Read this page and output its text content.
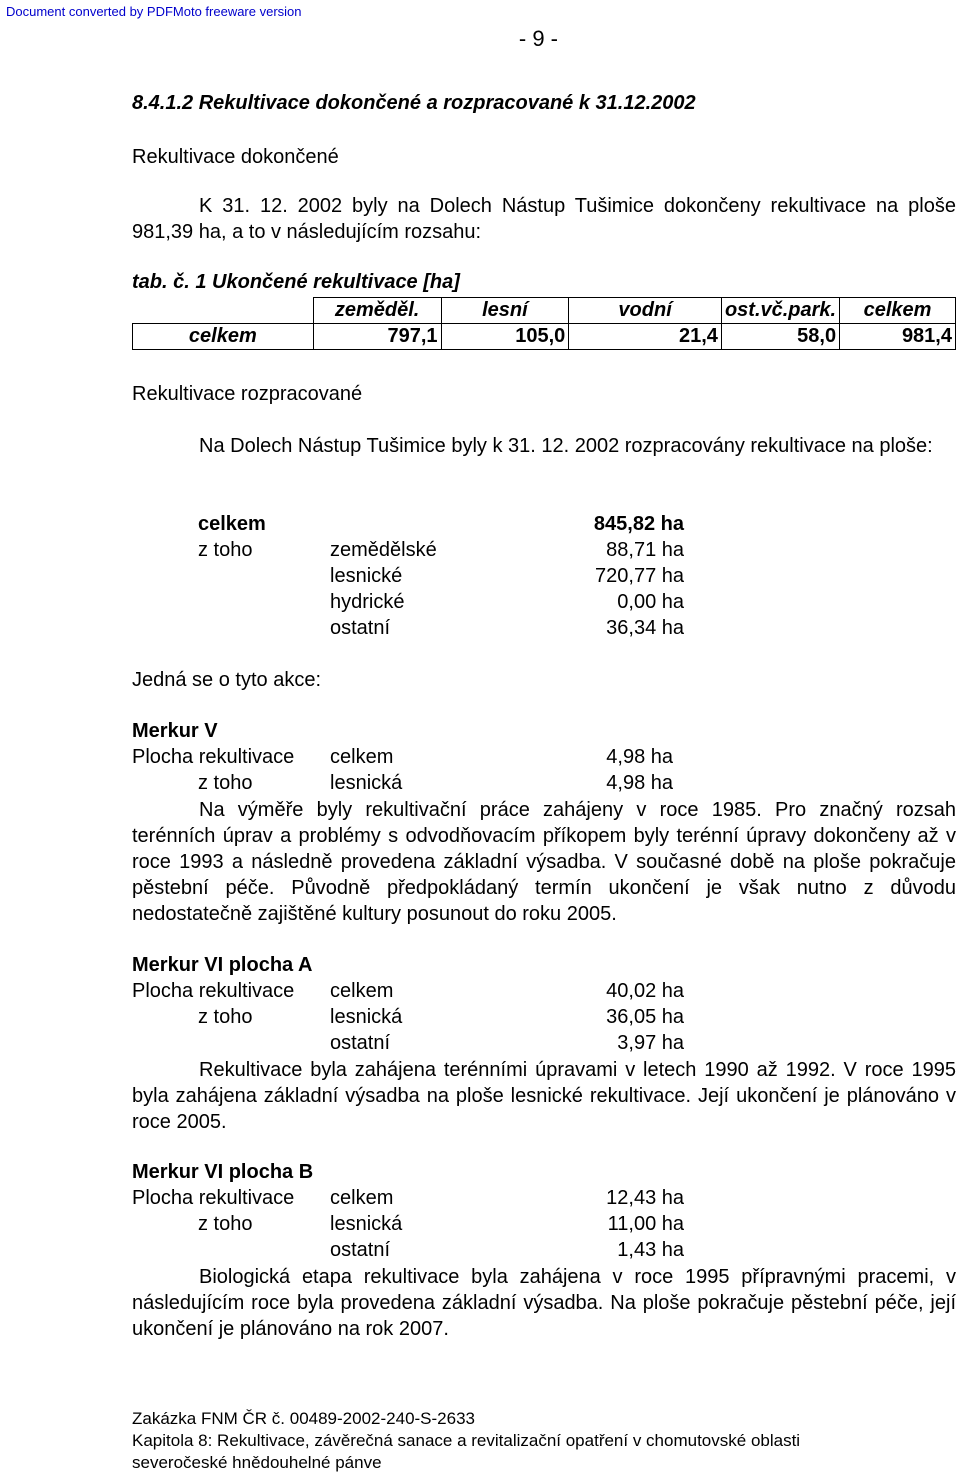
Document converted by PDFMoto freeware version
- 9 -
8.4.1.2 Rekultivace dokončené a rozpracované k 31.12.2002
Rekultivace dokončené
K 31. 12. 2002 byly na Dolech Nástup Tušimice dokončeny rekultivace na ploše 981,39 ha, a to v následujícím rozsahu:
tab. č. 1 Ukončené rekultivace [ha]
	zeměděl.	lesní	vodní	ost.vč.park.	celkem
celkem	797,1	105,0	21,4	58,0	981,4
Rekultivace rozpracované
Na Dolech Nástup Tušimice byly k 31. 12. 2002 rozpracovány rekultivace na ploše:
celkem	845,82 ha
z toho	zemědělské	88,71 ha
lesnické	720,77 ha
hydrické	0,00 ha
ostatní	36,34 ha
Jedná se o tyto akce:
Merkur V
Plocha rekultivace celkem	4,98 ha
z toho	lesnická	4,98 ha
Na výměře byly rekultivační práce zahájeny v roce 1985. Pro značný rozsah terénních úprav a problémy s odvodňovacím příkopem byly terénní úpravy dokončeny až v roce 1993 a následně provedena základní výsadba. V současné době na ploše pokračuje pěstební péče. Původně předpokládaný termín ukončení je však nutno z důvodu nedostatečně zajištěné kultury posunout do roku 2005.
Merkur VI plocha A
Plocha rekultivace celkem	40,02 ha
z toho	lesnická	36,05 ha
ostatní	3,97 ha
Rekultivace byla zahájena terénními úpravami v letech 1990 až 1992. V roce 1995 byla zahájena základní výsadba na ploše lesnické rekultivace. Její ukončení je plánováno v roce 2005.
Merkur VI plocha B
Plocha rekultivace celkem	12,43 ha
z toho	lesnická	11,00 ha
ostatní	1,43 ha
Biologická etapa rekultivace byla zahájena v roce 1995 přípravnými pracemi, v následujícím roce byla provedena základní výsadba. Na ploše pokračuje pěstební péče, její ukončení je plánováno na rok 2007.
Zakázka FNM ČR č. 00489-2002-240-S-2633
Kapitola 8: Rekultivace, závěrečná sanace a revitalizační opatření v chomutovské oblasti
severočeské hnědouhelné pánve
